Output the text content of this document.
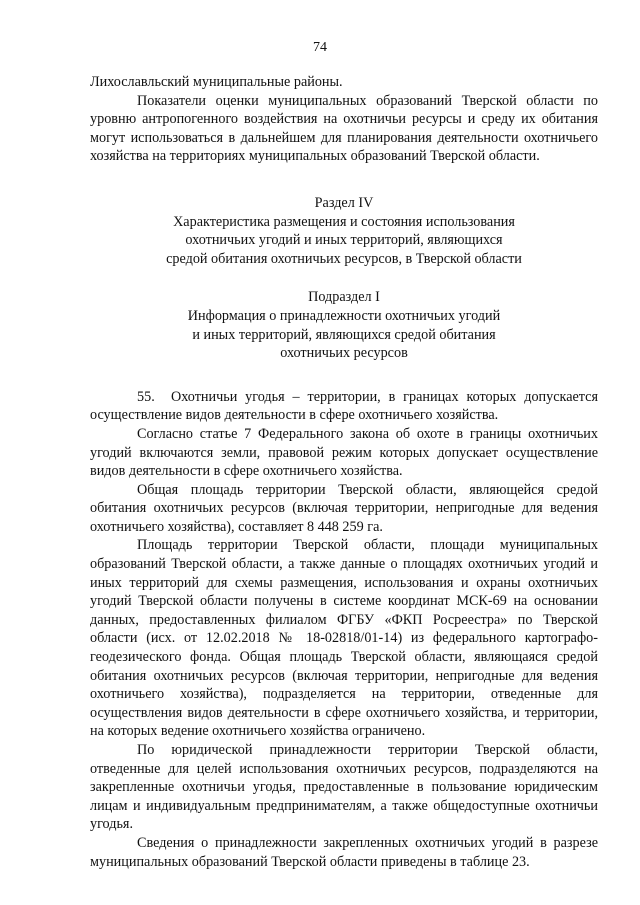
74

Лихославльский муниципальные районы.

Показатели оценки муниципальных образований Тверской области по уровню антропогенного воздействия на охотничьи ресурсы и среду их обитания могут использоваться в дальнейшем для планирования деятельности охотничьего хозяйства на территориях муниципальных образований Тверской области.

Раздел IV
Характеристика размещения и состояния использования
охотничьих угодий и иных территорий, являющихся
средой обитания охотничьих ресурсов, в Тверской области
Подраздел I
Информация о принадлежности охотничьих угодий
и иных территорий, являющихся средой обитания
охотничьих ресурсов

55. Охотничьи угодья – территории, в границах которых допускается осуществление видов деятельности в сфере охотничьего хозяйства.

Согласно статье 7 Федерального закона об охоте в границы охотничьих угодий включаются земли, правовой режим которых допускает осуществление видов деятельности в сфере охотничьего хозяйства.

Общая площадь территории Тверской области, являющейся средой обитания охотничьих ресурсов (включая территории, непригодные для ведения охотничьего хозяйства), составляет 8 448 259 га.

Площадь территории Тверской области, площади муниципальных образований Тверской области, а также данные о площадях охотничьих угодий и иных территорий для схемы размещения, использования и охраны охотничьих угодий Тверской области получены в системе координат МСК-69 на основании данных, предоставленных филиалом ФГБУ «ФКП Росреестра» по Тверской области (исх. от 12.02.2018 № 18-02818/01-14) из федерального картографо-геодезического фонда. Общая площадь Тверской области, являющаяся средой обитания охотничьих ресурсов (включая территории, непригодные для ведения охотничьего хозяйства), подразделяется на территории, отведенные для осуществления видов деятельности в сфере охотничьего хозяйства, и территории, на которых ведение охотничьего хозяйства ограничено.

По юридической принадлежности территории Тверской области, отведенные для целей использования охотничьих ресурсов, подразделяются на закрепленные охотничьи угодья, предоставленные в пользование юридическим лицам и индивидуальным предпринимателям, а также общедоступные охотничьи угодья.

Сведения о принадлежности закрепленных охотничьих угодий в разрезе муниципальных образований Тверской области приведены в таблице 23.
